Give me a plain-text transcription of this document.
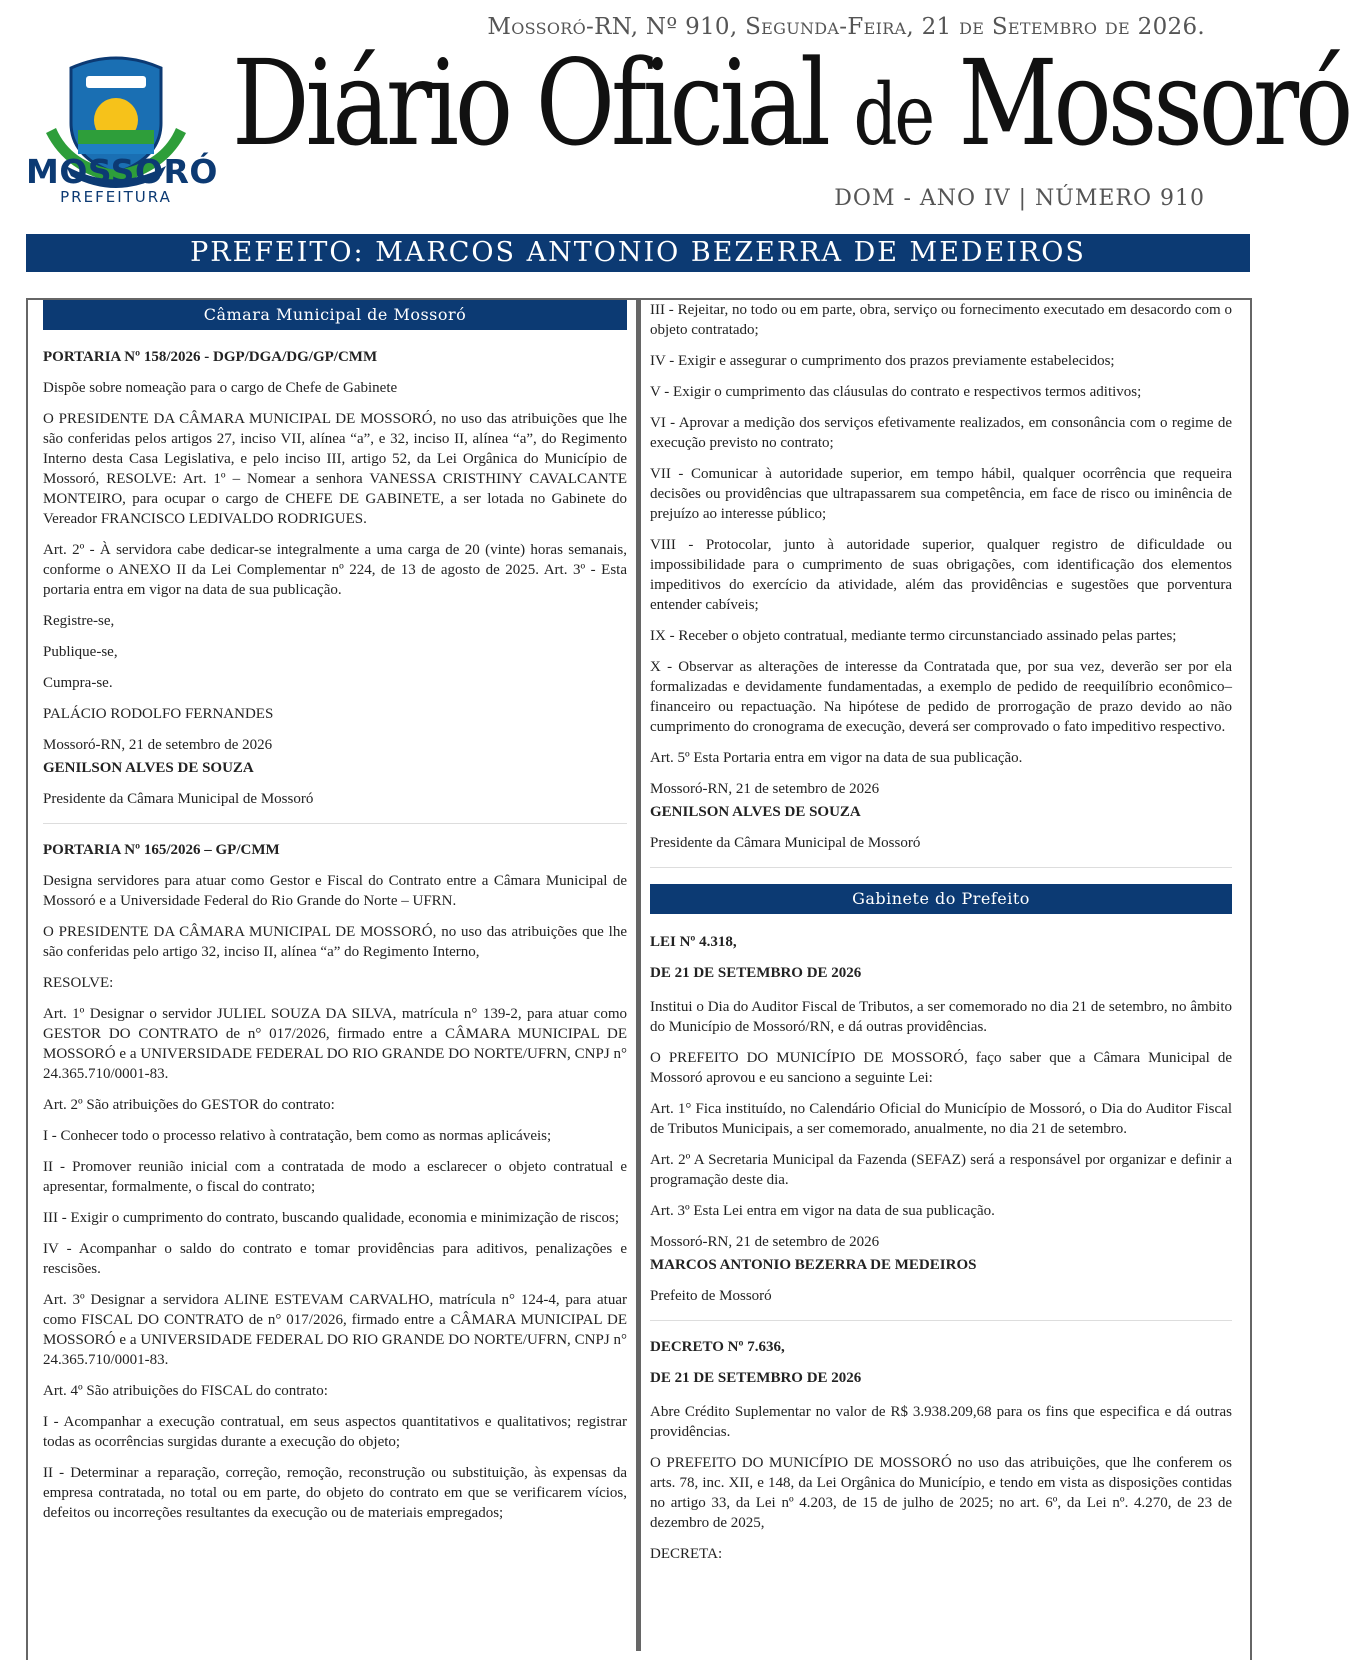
Mossoró-RN, Nº 910, Segunda-Feira, 21 de Setembro de 2026.
MOSSORÓ
PREFEITURA
Diário Oficial de Mossoró
DOM - ANO IV | NÚMERO 910
PREFEITO: MARCOS ANTONIO BEZERRA DE MEDEIROS
Câmara Municipal de Mossoró

PORTARIA Nº 158/2026 - DGP/DGA/DG/GP/CMM

Dispõe sobre nomeação para o cargo de Chefe de Gabinete

O PRESIDENTE DA CÂMARA MUNICIPAL DE MOSSORÓ, no uso das atribuições que lhe são conferidas pelos artigos 27, inciso VII, alínea “a”, e 32, inciso II, alínea “a”, do Regimento Interno desta Casa Legislativa, e pelo inciso III, artigo 52, da Lei Orgânica do Município de Mossoró, RESOLVE: Art. 1º – Nomear a senhora VANESSA CRISTHINY CAVALCANTE MONTEIRO, para ocupar o cargo de CHEFE DE GABINETE, a ser lotada no Gabinete do Vereador FRANCISCO LEDIVALDO RODRIGUES.

Art. 2º - À servidora cabe dedicar-se integralmente a uma carga de 20 (vinte) horas semanais, conforme o ANEXO II da Lei Complementar nº 224, de 13 de agosto de 2025. Art. 3º - Esta portaria entra em vigor na data de sua publicação.

Registre-se,

Publique-se,

Cumpra-se.

PALÁCIO RODOLFO FERNANDES

Mossoró-RN, 21 de setembro de 2026

GENILSON ALVES DE SOUZA

Presidente da Câmara Municipal de Mossoró

PORTARIA Nº 165/2026 – GP/CMM

Designa servidores para atuar como Gestor e Fiscal do Contrato entre a Câmara Municipal de Mossoró e a Universidade Federal do Rio Grande do Norte – UFRN.

O PRESIDENTE DA CÂMARA MUNICIPAL DE MOSSORÓ, no uso das atribuições que lhe são conferidas pelo artigo 32, inciso II, alínea “a” do Regimento Interno,

RESOLVE:

Art. 1º Designar o servidor JULIEL SOUZA DA SILVA, matrícula n° 139-2, para atuar como GESTOR DO CONTRATO de n° 017/2026, firmado entre a CÂMARA MUNICIPAL DE MOSSORÓ e a UNIVERSIDADE FEDERAL DO RIO GRANDE DO NORTE/UFRN, CNPJ n° 24.365.710/0001-83.

Art. 2º São atribuições do GESTOR do contrato:

I - Conhecer todo o processo relativo à contratação, bem como as normas aplicáveis;

II - Promover reunião inicial com a contratada de modo a esclarecer o objeto contratual e apresentar, formalmente, o fiscal do contrato;

III - Exigir o cumprimento do contrato, buscando qualidade, economia e minimização de riscos;

IV - Acompanhar o saldo do contrato e tomar providências para aditivos, penalizações e rescisões.

Art. 3º Designar a servidora ALINE ESTEVAM CARVALHO, matrícula n° 124-4, para atuar como FISCAL DO CONTRATO de n° 017/2026, firmado entre a CÂMARA MUNICIPAL DE MOSSORÓ e a UNIVERSIDADE FEDERAL DO RIO GRANDE DO NORTE/UFRN, CNPJ n° 24.365.710/0001-83.

Art. 4º São atribuições do FISCAL do contrato:

I - Acompanhar a execução contratual, em seus aspectos quantitativos e qualitativos; registrar todas as ocorrências surgidas durante a execução do objeto;

II - Determinar a reparação, correção, remoção, reconstrução ou substituição, às expensas da empresa contratada, no total ou em parte, do objeto do contrato em que se verificarem vícios, defeitos ou incorreções resultantes da execução ou de materiais empregados;

III - Rejeitar, no todo ou em parte, obra, serviço ou fornecimento executado em desacordo com o objeto contratado;

IV - Exigir e assegurar o cumprimento dos prazos previamente estabelecidos;

V - Exigir o cumprimento das cláusulas do contrato e respectivos termos aditivos;

VI - Aprovar a medição dos serviços efetivamente realizados, em consonância com o regime de execução previsto no contrato;

VII - Comunicar à autoridade superior, em tempo hábil, qualquer ocorrência que requeira decisões ou providências que ultrapassarem sua competência, em face de risco ou iminência de prejuízo ao interesse público;

VIII - Protocolar, junto à autoridade superior, qualquer registro de dificuldade ou impossibilidade para o cumprimento de suas obrigações, com identificação dos elementos impeditivos do exercício da atividade, além das providências e sugestões que porventura entender cabíveis;

IX - Receber o objeto contratual, mediante termo circunstanciado assinado pelas partes;

X - Observar as alterações de interesse da Contratada que, por sua vez, deverão ser por ela formalizadas e devidamente fundamentadas, a exemplo de pedido de reequilíbrio econômico–financeiro ou repactuação. Na hipótese de pedido de prorrogação de prazo devido ao não cumprimento do cronograma de execução, deverá ser comprovado o fato impeditivo respectivo.

Art. 5º Esta Portaria entra em vigor na data de sua publicação.

Mossoró-RN, 21 de setembro de 2026

GENILSON ALVES DE SOUZA

Presidente da Câmara Municipal de Mossoró

Gabinete do Prefeito

LEI Nº 4.318,

DE 21 DE SETEMBRO DE 2026

Institui o Dia do Auditor Fiscal de Tributos, a ser comemorado no dia 21 de setembro, no âmbito do Município de Mossoró/RN, e dá outras providências.

O PREFEITO DO MUNICÍPIO DE MOSSORÓ, faço saber que a Câmara Municipal de Mossoró aprovou e eu sanciono a seguinte Lei:

Art. 1° Fica instituído, no Calendário Oficial do Município de Mossoró, o Dia do Auditor Fiscal de Tributos Municipais, a ser comemorado, anualmente, no dia 21 de setembro.

Art. 2º A Secretaria Municipal da Fazenda (SEFAZ) será a responsável por organizar e definir a programação deste dia.

Art. 3º Esta Lei entra em vigor na data de sua publicação.

Mossoró-RN, 21 de setembro de 2026

MARCOS ANTONIO BEZERRA DE MEDEIROS

Prefeito de Mossoró

DECRETO Nº 7.636,

DE 21 DE SETEMBRO DE 2026

Abre Crédito Suplementar no valor de R$ 3.938.209,68 para os fins que especifica e dá outras providências.

O PREFEITO DO MUNICÍPIO DE MOSSORÓ no uso das atribuições, que lhe conferem os arts. 78, inc. XII, e 148, da Lei Orgânica do Município, e tendo em vista as disposições contidas no artigo 33, da Lei nº 4.203, de 15 de julho de 2025; no art. 6º, da Lei nº. 4.270, de 23 de dezembro de 2025,

DECRETA:
